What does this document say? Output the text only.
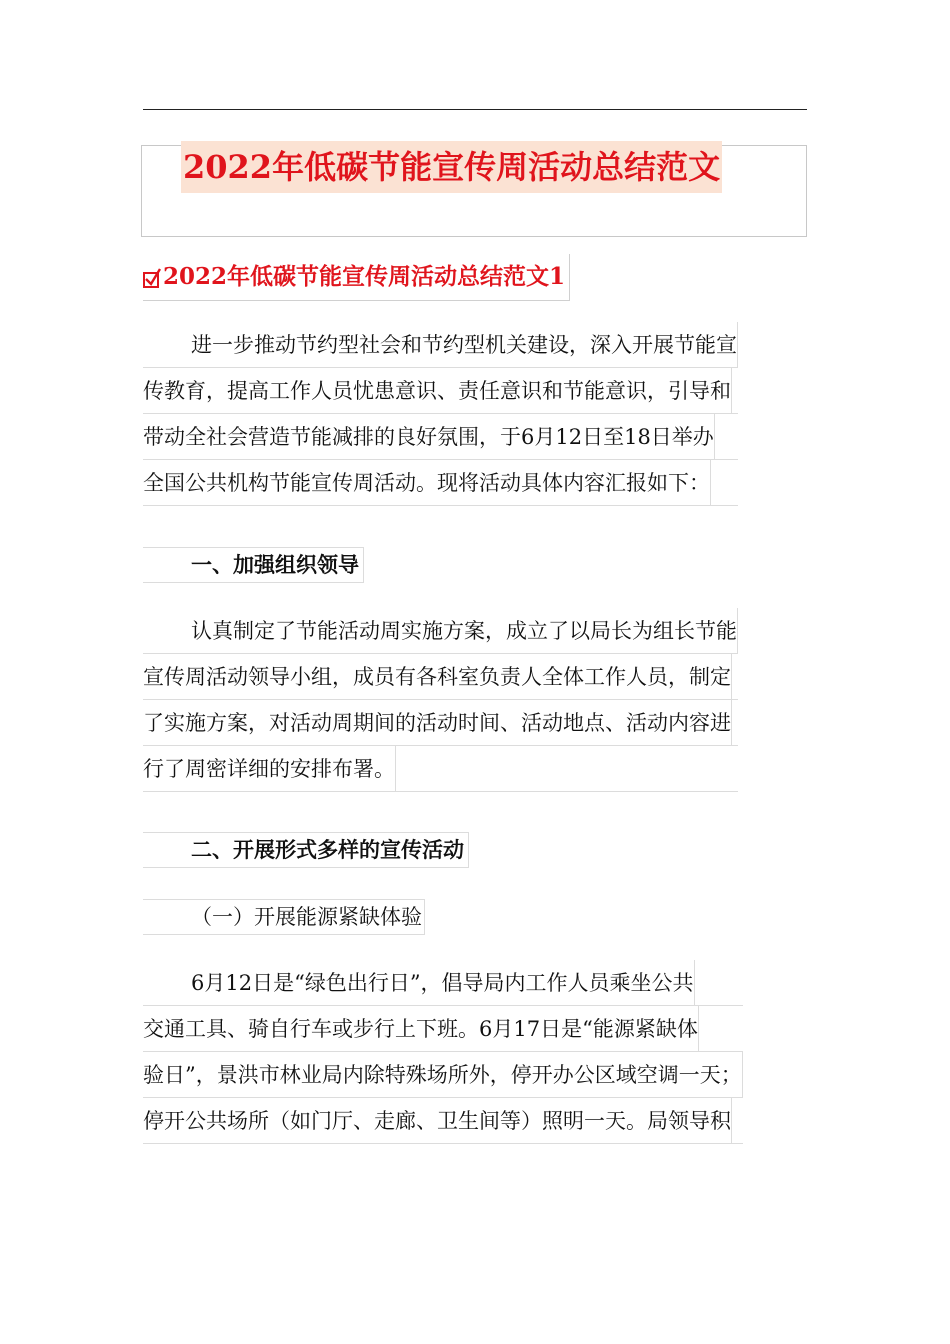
2022年低碳节能宣传周活动总结范文
2022年低碳节能宣传周活动总结范文1
进一步推动节约型社会和节约型机关建设，深入开展节能宣
传教育，提高工作人员忧患意识、责任意识和节能意识，引导和
带动全社会营造节能减排的良好氛围，于6月12日至18日举办
全国公共机构节能宣传周活动。现将活动具体内容汇报如下：
一、加强组织领导
认真制定了节能活动周实施方案，成立了以局长为组长节能
宣传周活动领导小组，成员有各科室负责人全体工作人员，制定
了实施方案，对活动周期间的活动时间、活动地点、活动内容进
行了周密详细的安排布署。
二、开展形式多样的宣传活动
（一）开展能源紧缺体验
6月12日是“绿色出行日”，倡导局内工作人员乘坐公共
交通工具、骑自行车或步行上下班。6月17日是“能源紧缺体
验日”，景洪市林业局内除特殊场所外，停开办公区域空调一天；
停开公共场所（如门厅、走廊、卫生间等）照明一天。局领导积
